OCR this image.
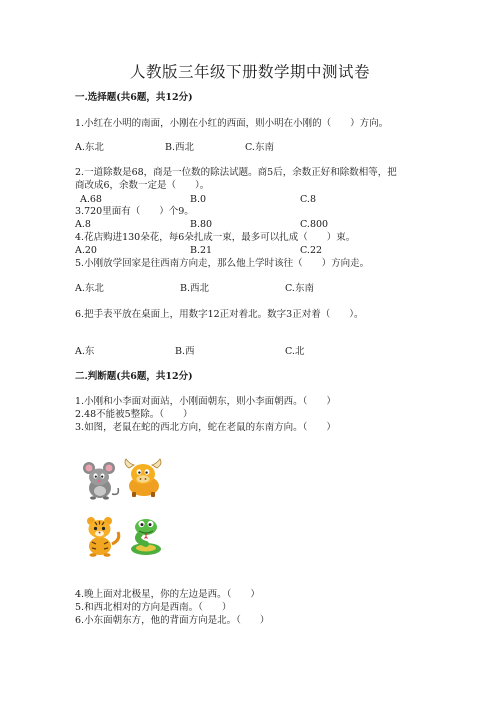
人教版三年级下册数学期中测试卷
一.选择题(共6题，共12分)
1.小红在小明的南面，小刚在小红的西面，则小明在小刚的（　　）方向。
A.东北	B.西北	C.东南
2.一道除数是68，商是一位数的除法试题。商5后，余数正好和除数相等，把
商改成6，余数一定是（　　）。
A.68	B.0	C.8
3.720里面有（　　）个9。
A.8	B.80	C.800
4.花店购进130朵花，每6朵扎成一束，最多可以扎成（　　）束。
A.20	B.21	C.22
5.小刚放学回家是往西南方向走，那么他上学时该往（　　）方向走。
A.东北	B.西北	C.东南
6.把手表平放在桌面上，用数字12正对着北。数字3正对着（　　）。
A.东	B.西	C.北
二.判断题(共6题，共12分)
1.小刚和小李面对面站，小刚面朝东，则小李面朝西。（　　）
2.48不能被5整除。（　　）
3.如图，老鼠在蛇的西北方向，蛇在老鼠的东南方向。（　　）
4.晚上面对北极星，你的左边是西。（　　）
5.和西北相对的方向是西南。（　　）
6.小东面朝东方，他的背面方向是北。（　　）
